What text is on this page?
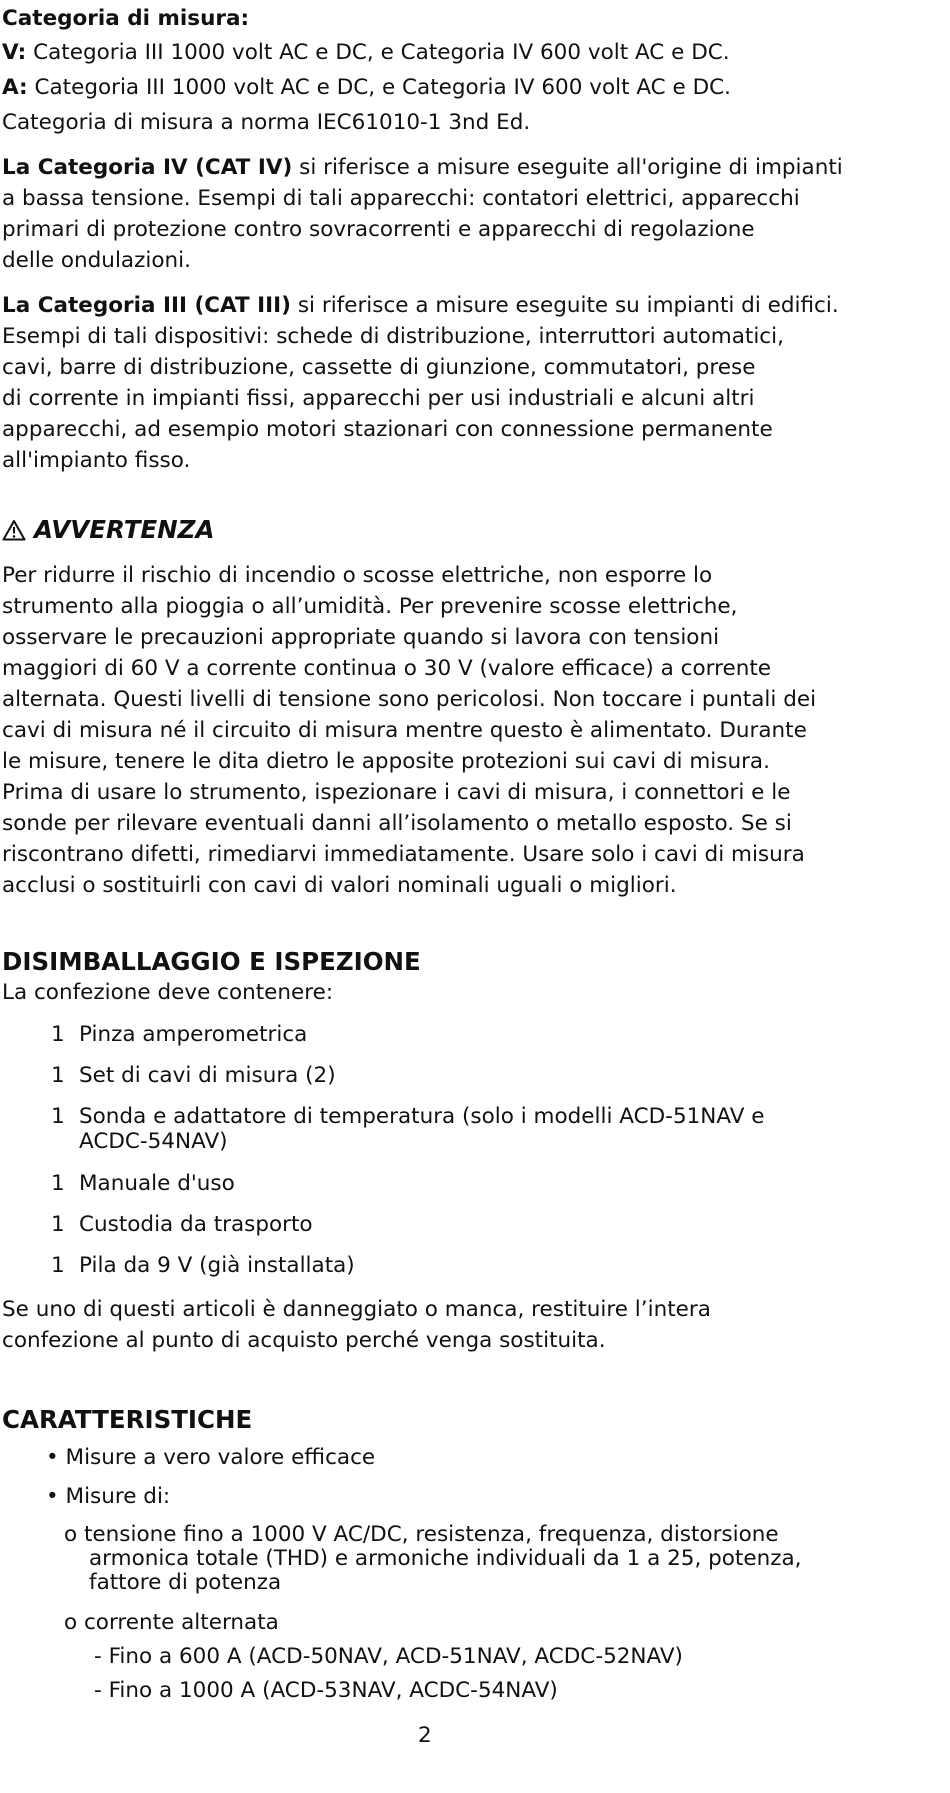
Categoria di misura:
V: Categoria III 1000 volt AC e DC, e Categoria IV 600 volt AC e DC.
A: Categoria III 1000 volt AC e DC, e Categoria IV 600 volt AC e DC.
Categoria di misura a norma IEC61010-1 3nd Ed.
La Categoria IV (CAT IV) si riferisce a misure eseguite all'origine di impianti
a bassa tensione. Esempi di tali apparecchi: contatori elettrici, apparecchi
primari di protezione contro sovracorrenti e apparecchi di regolazione
delle ondulazioni.
La Categoria III (CAT III) si riferisce a misure eseguite su impianti di edifici.
Esempi di tali dispositivi: schede di distribuzione, interruttori automatici,
cavi, barre di distribuzione, cassette di giunzione, commutatori, prese
di corrente in impianti fissi, apparecchi per usi industriali e alcuni altri
apparecchi, ad esempio motori stazionari con connessione permanente
all'impianto fisso.
AVVERTENZA
Per ridurre il rischio di incendio o scosse elettriche, non esporre lo
strumento alla pioggia o all’umidità. Per prevenire scosse elettriche,
osservare le precauzioni appropriate quando si lavora con tensioni
maggiori di 60 V a corrente continua o 30 V (valore efficace) a corrente
alternata. Questi livelli di tensione sono pericolosi. Non toccare i puntali dei
cavi di misura né il circuito di misura mentre questo è alimentato. Durante
le misure, tenere le dita dietro le apposite protezioni sui cavi di misura.
Prima di usare lo strumento, ispezionare i cavi di misura, i connettori e le
sonde per rilevare eventuali danni all’isolamento o metallo esposto. Se si
riscontrano difetti, rimediarvi immediatamente. Usare solo i cavi di misura
acclusi o sostituirli con cavi di valori nominali uguali o migliori.
DISIMBALLAGGIO E ISPEZIONE
La confezione deve contenere:
1 Pinza amperometrica
1 Set di cavi di misura (2)
1 Sonda e adattatore di temperatura (solo i modelli ACD-51NAV e
ACDC-54NAV)
1 Manuale d'uso
1 Custodia da trasporto
1 Pila da 9 V (già installata)
Se uno di questi articoli è danneggiato o manca, restituire l’intera
confezione al punto di acquisto perché venga sostituita.
CARATTERISTICHE
• Misure a vero valore efficace
• Misure di:
o tensione fino a 1000 V AC/DC, resistenza, frequenza, distorsione
armonica totale (THD) e armoniche individuali da 1 a 25, potenza,
fattore di potenza
o corrente alternata
- Fino a 600 A (ACD-50NAV, ACD-51NAV, ACDC-52NAV)
- Fino a 1000 A (ACD-53NAV, ACDC-54NAV)
2
